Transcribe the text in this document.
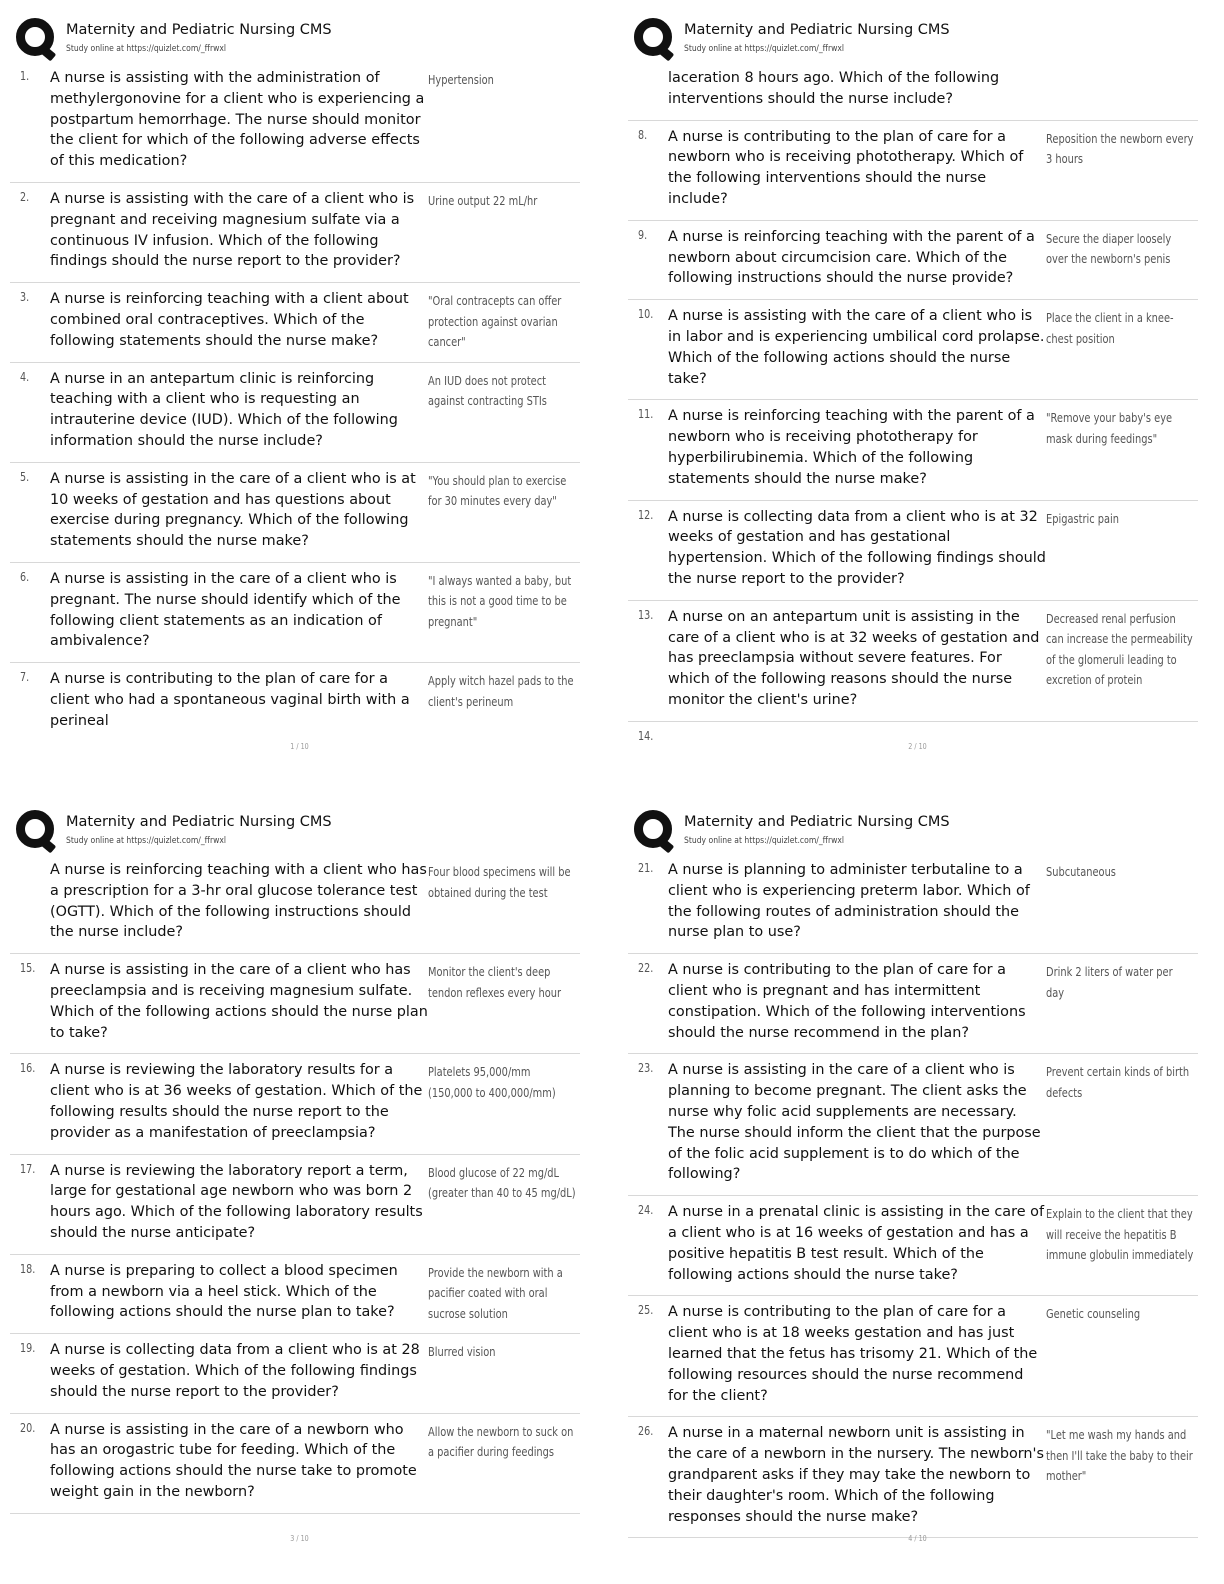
Maternity and Pediatric Nursing CMS
Study online at https://quizlet.com/_ffrwxl
1.	A nurse is assisting with the administration of methylergonovine for a client who is experiencing a postpartum hemorrhage. The nurse should monitor the client for which of the following adverse effects of this medication?
Hypertension
2.	A nurse is assisting with the care of a client who is pregnant and receiving magnesium sulfate via a continuous IV infusion. Which of the following findings should the nurse report to the provider?
Urine output 22 mL/hr
3.	A nurse is reinforcing teaching with a client about combined oral contraceptives. Which of the following statements should the nurse make?
"Oral contracepts can offer protection against ovarian cancer"
4.	A nurse in an antepartum clinic is reinforcing teaching with a client who is requesting an intrauterine device (IUD). Which of the following information should the nurse include?
An IUD does not protect against contracting STIs
5.	A nurse is assisting in the care of a client who is at 10 weeks of gestation and has questions about exercise during pregnancy. Which of the following statements should the nurse make?
"You should plan to exercise for 30 minutes every day"
6.	A nurse is assisting in the care of a client who is pregnant. The nurse should identify which of the following client statements as an indication of ambivalence?
"I always wanted a baby, but this is not a good time to be pregnant"
7.	A nurse is contributing to the plan of care for a client who had a spontaneous vaginal birth with a perineal
Apply witch hazel pads to the client's perineum
1 / 10
Maternity and Pediatric Nursing CMS
Study online at https://quizlet.com/_ffrwxl
laceration 8 hours ago. Which of the following interventions should the nurse include?
8.	A nurse is contributing to the plan of care for a newborn who is receiving phototherapy. Which of the following interventions should the nurse include?
Reposition the newborn every 3 hours
9.	A nurse is reinforcing teaching with the parent of a newborn about circumcision care. Which of the following instructions should the nurse provide?
Secure the diaper loosely over the newborn's penis
10.	A nurse is assisting with the care of a client who is in labor and is experiencing umbilical cord prolapse. Which of the following actions should the nurse take?
Place the client in a knee-chest position
11.	A nurse is reinforcing teaching with the parent of a newborn who is receiving phototherapy for hyperbilirubinemia. Which of the following statements should the nurse make?
"Remove your baby's eye mask during feedings"
12.	A nurse is collecting data from a client who is at 32 weeks of gestation and has gestational hypertension. Which of the following findings should the nurse report to the provider?
Epigastric pain
13.	A nurse on an antepartum unit is assisting in the care of a client who is at 32 weeks of gestation and has preeclampsia without severe features. For which of the following reasons should the nurse monitor the client's urine?
Decreased renal perfusion can increase the permeability of the glomeruli leading to excretion of protein
14.
2 / 10
Maternity and Pediatric Nursing CMS
Study online at https://quizlet.com/_ffrwxl
A nurse is reinforcing teaching with a client who has a prescription for a 3-hr oral glucose tolerance test (OGTT). Which of the following instructions should the nurse include?
Four blood specimens will be obtained during the test
15.	A nurse is assisting in the care of a client who has preeclampsia and is receiving magnesium sulfate. Which of the following actions should the nurse plan to take?
Monitor the client's deep tendon reflexes every hour
16.	A nurse is reviewing the laboratory results for a client who is at 36 weeks of gestation. Which of the following results should the nurse report to the provider as a manifestation of preeclampsia?
Platelets 95,000/mm (150,000 to 400,000/mm)
17.	A nurse is reviewing the laboratory report a term, large for gestational age newborn who was born 2 hours ago. Which of the following laboratory results should the nurse anticipate?
Blood glucose of 22 mg/dL (greater than 40 to 45 mg/dL)
18.	A nurse is preparing to collect a blood specimen from a newborn via a heel stick. Which of the following actions should the nurse plan to take?
Provide the newborn with a pacifier coated with oral sucrose solution
19.	A nurse is collecting data from a client who is at 28 weeks of gestation. Which of the following findings should the nurse report to the provider?
Blurred vision
20.	A nurse is assisting in the care of a newborn who has an orogastric tube for feeding. Which of the following actions should the nurse take to promote weight gain in the newborn?
Allow the newborn to suck on a pacifier during feedings
3 / 10
Maternity and Pediatric Nursing CMS
Study online at https://quizlet.com/_ffrwxl
21.	A nurse is planning to administer terbutaline to a client who is experiencing preterm labor. Which of the following routes of administration should the nurse plan to use?
Subcutaneous
22.	A nurse is contributing to the plan of care for a client who is pregnant and has intermittent constipation. Which of the following interventions should the nurse recommend in the plan?
Drink 2 liters of water per day
23.	A nurse is assisting in the care of a client who is planning to become pregnant. The client asks the nurse why folic acid supplements are necessary. The nurse should inform the client that the purpose of the folic acid supplement is to do which of the following?
Prevent certain kinds of birth defects
24.	A nurse in a prenatal clinic is assisting in the care of a client who is at 16 weeks of gestation and has a positive hepatitis B test result. Which of the following actions should the nurse take?
Explain to the client that they will receive the hepatitis B immune globulin immediately
25.	A nurse is contributing to the plan of care for a client who is at 18 weeks gestation and has just learned that the fetus has trisomy 21. Which of the following resources should the nurse recommend for the client?
Genetic counseling
26.	A nurse in a maternal newborn unit is assisting in the care of a newborn in the nursery. The newborn's grandparent asks if they may take the newborn to their daughter's room. Which of the following responses should the nurse make?
"Let me wash my hands and then I'll take the baby to their mother"
4 / 10
